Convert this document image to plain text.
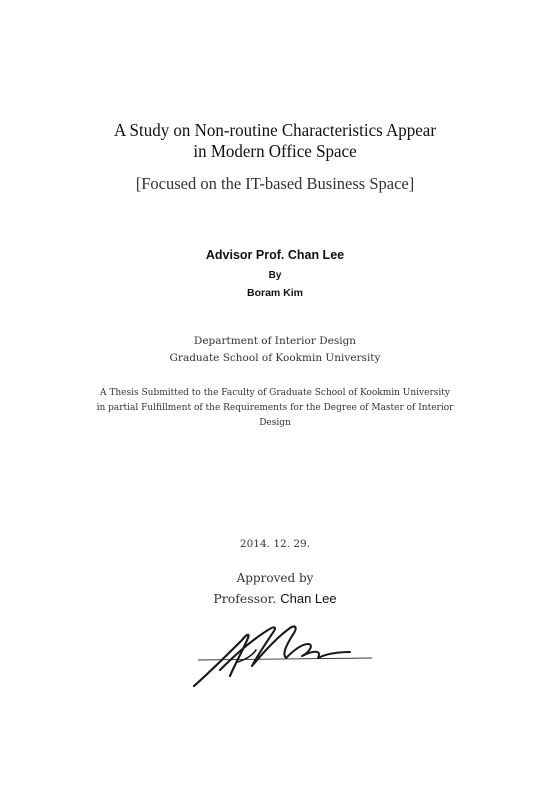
A Study on Non-routine Characteristics Appear
in Modern Office Space
[Focused on the IT-based Business Space]
Advisor Prof. Chan Lee
By
Boram Kim
Department of Interior Design
Graduate School of Kookmin University
A Thesis Submitted to the Faculty of Graduate School of Kookmin University
in partial Fulfillment of the Requirements for the Degree of Master of Interior
Design
2014. 12. 29.
Approved by
Professor. Chan Lee
